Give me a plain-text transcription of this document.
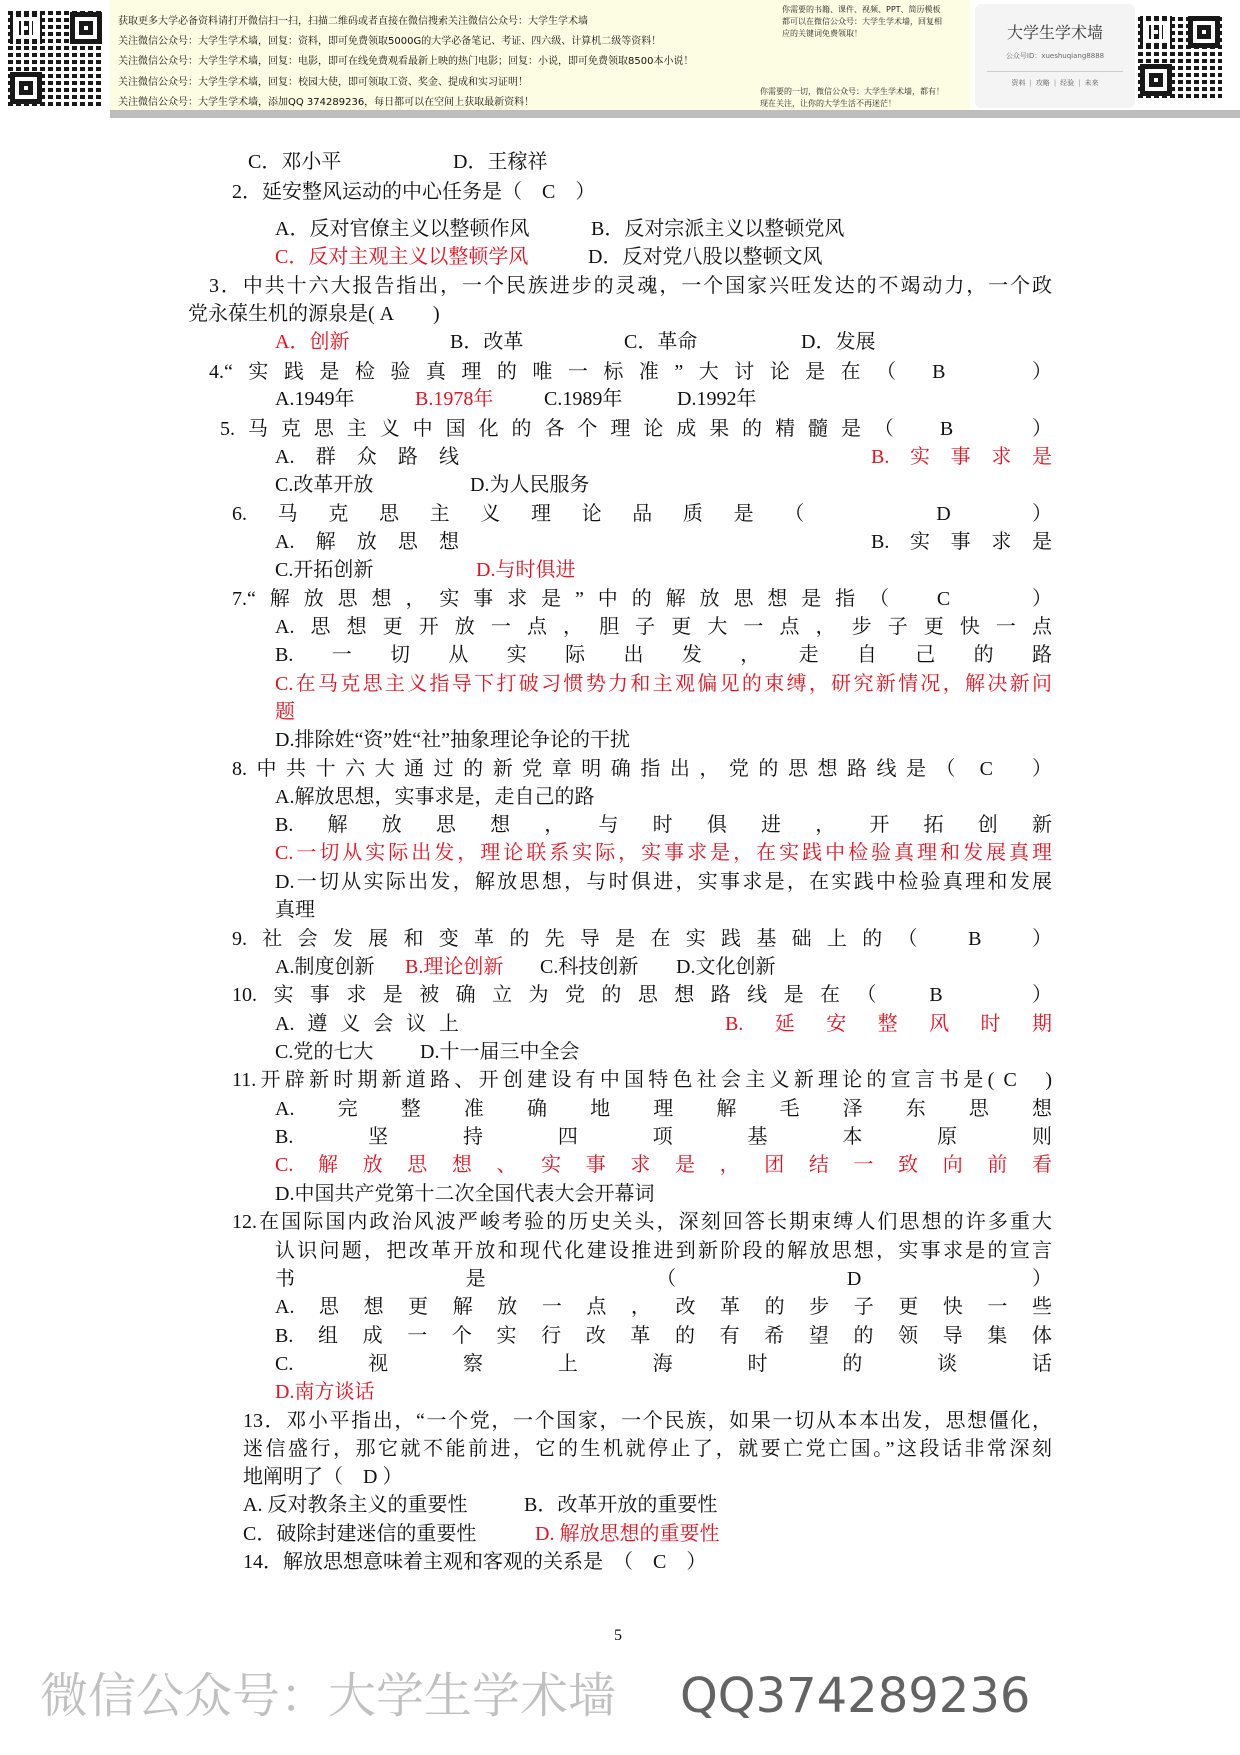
获取更多大学必备资料请打开微信扫一扫，扫描二维码或者直接在微信搜索关注微信公众号：大学生学术墙
关注微信公众号：大学生学术墙，回复：资料，即可免费领取5000G的大学必备笔记、考证、四六级、计算机二级等资料！
关注微信公众号：大学生学术墙，回复：电影，即可在线免费观看最新上映的热门电影；回复：小说，即可免费领取8500本小说！
关注微信公众号：大学生学术墙，回复：校园大使，即可领取工资、奖金、提成和实习证明！
关注微信公众号：大学生学术墙，添加QQ 374289236，每日都可以在空间上获取最新资料！
你需要的书籍、课件、视频、PPT、简历模板
都可以在微信公众号：大学生学术墙，回复相
应的关键词免费领取！
你需要的一切，微信公众号：大学生学术墙，都有！
现在关注，让你的大学生活不再迷茫！
大学生学术墙
公众号ID：xueshuqiang8888
资料 | 攻略 | 经验 | 未来
C．邓小平	D．王稼祥
2．延安整风运动的中心任务是（　C　）
A．反对官僚主义以整顿作风	B．反对宗派主义以整顿党风
C．反对主观主义以整顿学风	D．反对党八股以整顿文风
3．中共十六大报告指出，一个民族进步的灵魂，一个国家兴旺发达的不竭动力，一个政
党永葆生机的源泉是( A　　)
A．创新	B．改革	C．革命	D．发展
4.“实践是检验真理的唯一标准”大讨论是在（ B　　）
A.1949年	B.1978年	C.1989年	D.1992年
5.马克思主义中国化的各个理论成果的精髓是（　B　　）
A.群众路线	B.实事求是
C.改革开放	D.为人民服务
6.马克思主义理论品质是（　　D　）
A.解放思想	B.实事求是
C.开拓创新	D.与时俱进
7.“解放思想，实事求是”中的解放思想是指（　C　　）
A.思想更开放一点，胆子更大一点，步子更快一点
B.一切从实际出发，走自己的路
C.在马克思主义指导下打破习惯势力和主观偏见的束缚，研究新情况，解决新问
题
D.排除姓“资”姓“社”抽象理论争论的干扰
8.中共十六大通过的新党章明确指出，党的思想路线是（ C　）
A.解放思想，实事求是，走自己的路
B.解放思想，与时俱进，开拓创新
C.一切从实际出发，理论联系实际，实事求是，在实践中检验真理和发展真理
D.一切从实际出发，解放思想，与时俱进，实事求是，在实践中检验真理和发展
真理
9.社会发展和变革的先导是在实践基础上的（　B　）
A.制度创新 B.理论创新 C.科技创新 D.文化创新
10.实事求是被确立为党的思想路线是在（　B　　）
A.遵义会议上	B.延安整风时期
C.党的七大 D.十一届三中全会
11.开辟新时期新道路、开创建设有中国特色社会主义新理论的宣言书是( C　)
A.完整准确地理解毛泽东思想
B.坚持四项基本原则
C.解放思想、实事求是，团结一致向前看
D.中国共产党第十二次全国代表大会开幕词
12.在国际国内政治风波严峻考验的历史关头，深刻回答长期束缚人们思想的许多重大
认识问题，把改革开放和现代化建设推进到新阶段的解放思想，实事求是的宣言
书是（D）
A.思想更解放一点，改革的步子更快一些
B.组成一个实行改革的有希望的领导集体
C.视察上海时的谈话
D.南方谈话
13．邓小平指出，“一个党，一个国家，一个民族，如果一切从本本出发，思想僵化，
迷信盛行，那它就不能前进，它的生机就停止了，就要亡党亡国。”这段话非常深刻
地阐明了（　D ）
A. 反对教条主义的重要性	B．改革开放的重要性
C．破除封建迷信的重要性	D. 解放思想的重要性
14．解放思想意味着主观和客观的关系是　（　C　）
5
微信公众号：大学生学术墙 QQ374289236
